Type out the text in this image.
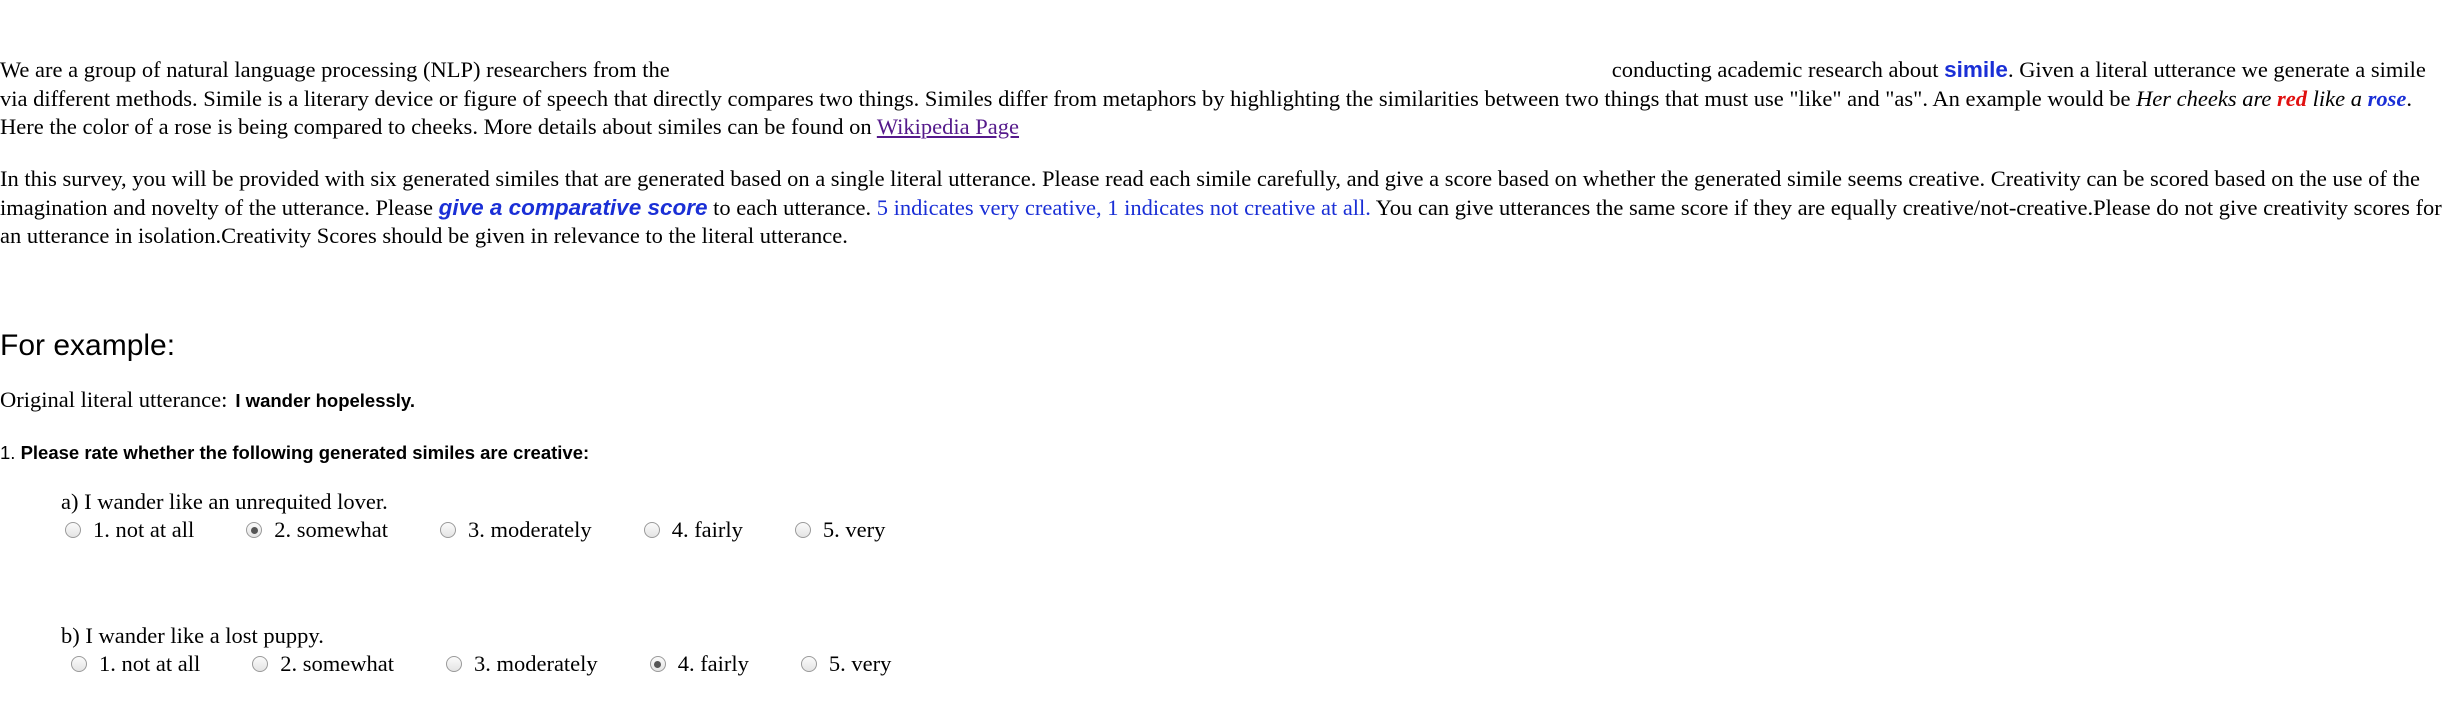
We are a group of natural language processing (NLP) researchers from the	conducting academic research about simile. Given a literal utterance we generate a simile via different methods. Simile is a literary device or figure of speech that directly compares two things. Similes differ from metaphors by highlighting the similarities between two things that must use "like" and "as". An example would be Her cheeks are red like a rose. Here the color of a rose is being compared to cheeks. More details about similes can be found on Wikipedia Page

In this survey, you will be provided with six generated similes that are generated based on a single literal utterance. Please read each simile carefully, and give a score based on whether the generated simile seems creative. Creativity can be scored based on the use of the imagination and novelty of the utterance. Please give a comparative score to each utterance. 5 indicates very creative, 1 indicates not creative at all. You can give utterances the same score if they are equally creative/not-creative.Please do not give creativity scores for an utterance in isolation.Creativity Scores should be given in relevance to the literal utterance.

For example:
Original literal utterance: I wander hopelessly.
1. Please rate whether the following generated similes are creative:
a) I wander like an unrequited lover.
1. not at all	2. somewhat	3. moderately	4. fairly	5. very
b) I wander like a lost puppy.
1. not at all	2. somewhat	3. moderately	4. fairly	5. very
